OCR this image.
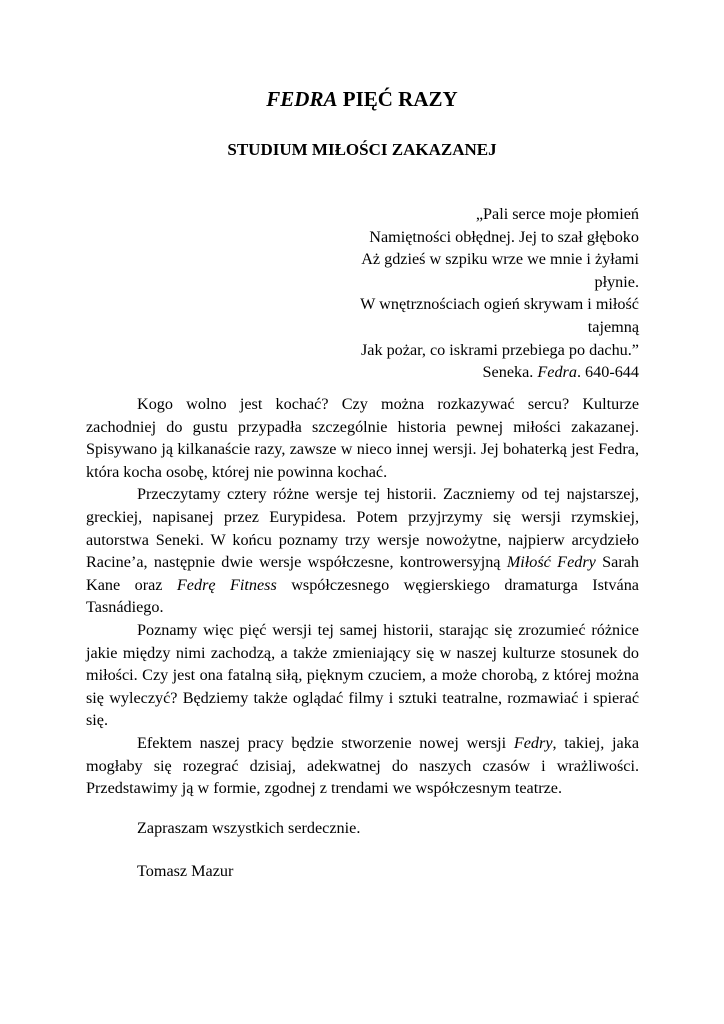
FEDRA PIĘĆ RAZY
STUDIUM MIŁOŚCI ZAKAZANEJ
„Pali serce moje płomień
Namiętności obłędnej. Jej to szał głęboko
Aż gdzieś w szpiku wrze we mnie i żyłami
płynie.
W wnętrznościach ogień skrywam i miłość
tajemną
Jak pożar, co iskrami przebiega po dachu.”
Seneka. Fedra. 640-644

Kogo wolno jest kochać? Czy można rozkazywać sercu? Kulturze zachodniej do gustu przypadła szczególnie historia pewnej miłości zakazanej. Spisywano ją kilkanaście razy, zawsze w nieco innej wersji. Jej bohaterką jest Fedra, która kocha osobę, której nie powinna kochać.

Przeczytamy cztery różne wersje tej historii. Zaczniemy od tej najstarszej, greckiej, napisanej przez Eurypidesa. Potem przyjrzymy się wersji rzymskiej, autorstwa Seneki. W końcu poznamy trzy wersje nowożytne, najpierw arcydzieło Racine’a, następnie dwie wersje współczesne, kontrowersyjną Miłość Fedry Sarah Kane oraz Fedrę Fitness współczesnego węgierskiego dramaturga Istvána Tasnádiego.

Poznamy więc pięć wersji tej samej historii, starając się zrozumieć różnice jakie między nimi zachodzą, a także zmieniający się w naszej kulturze stosunek do miłości. Czy jest ona fatalną siłą, pięknym czuciem, a może chorobą, z której można się wyleczyć? Będziemy także oglądać filmy i sztuki teatralne, rozmawiać i spierać się.

Efektem naszej pracy będzie stworzenie nowej wersji Fedry, takiej, jaka mogłaby się rozegrać dzisiaj, adekwatnej do naszych czasów i wrażliwości. Przedstawimy ją w formie, zgodnej z trendami we współczesnym teatrze.

Zapraszam wszystkich serdecznie.
Tomasz Mazur
